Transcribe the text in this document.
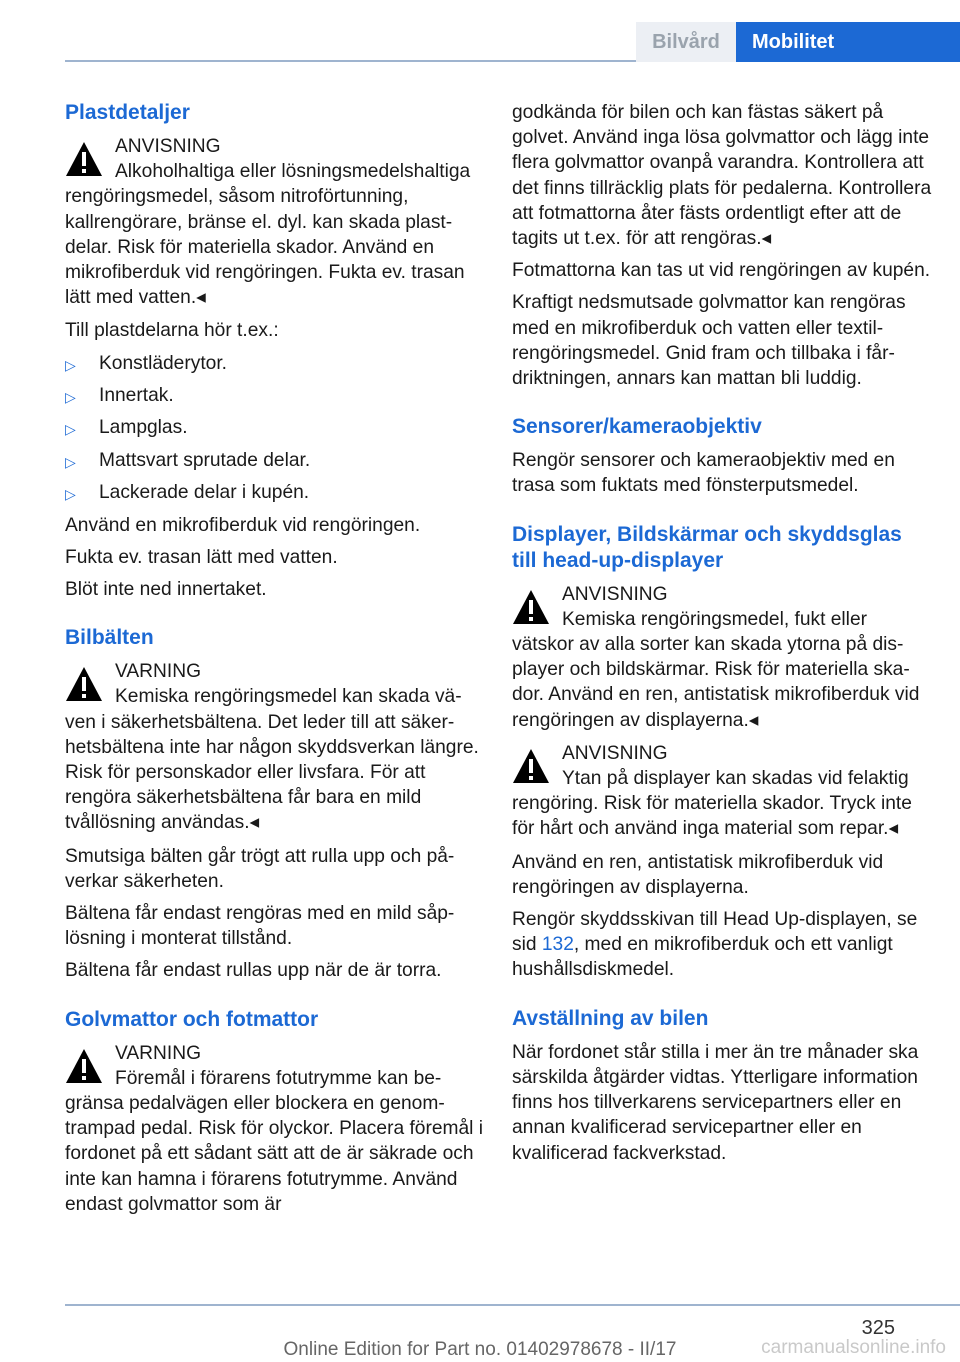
Bilvård	Mobilitet
Plastdetaljer
ANVISNING
Alkoholhaltiga eller lösningsmedelshaltiga rengöringsmedel, såsom nitroförtunning, kallrengörare, bränse el. dyl. kan skada plastdelar. Risk för materiella skador. Använd en mikrofiberduk vid rengöringen. Fukta ev. trasan lätt med vatten.◂

Till plastdelarna hör t.ex.:

▷ Konstläderytor.
▷ Innertak.
▷ Lampglas.
▷ Mattsvart sprutade delar.
▷ Lackerade delar i kupén.

Använd en mikrofiberduk vid rengöringen.

Fukta ev. trasan lätt med vatten.

Blöt inte ned innertaket.

Bilbälten
VARNING
Kemiska rengöringsmedel kan skada väven i säkerhetsbältena. Det leder till att säkerhetsbältena inte har någon skyddsverkan längre. Risk för personskador eller livsfara. För att rengöra säkerhetsbältena får bara en mild tvållösning användas.◂

Smutsiga bälten går trögt att rulla upp och påverkar säkerheten.

Bältena får endast rengöras med en mild såplösning i monterat tillstånd.

Bältena får endast rullas upp när de är torra.

Golvmattor och fotmattor
VARNING
Föremål i förarens fotutrymme kan begränsa pedalvägen eller blockera en genomtrampad pedal. Risk för olyckor. Placera föremål i fordonet på ett sådant sätt att de är säkrade och inte kan hamna i förarens fotutrymme. Använd endast golvmattor som är

godkända för bilen och kan fästas säkert på golvet. Använd inga lösa golvmattor och lägg inte flera golvmattor ovanpå varandra. Kontrollera att det finns tillräcklig plats för pedalerna. Kontrollera att fotmattorna åter fästs ordentligt efter att de tagits ut t.ex. för att rengöras.◂

Fotmattorna kan tas ut vid rengöringen av kupén.

Kraftigt nedsmutsade golvmattor kan rengöras med en mikrofiberduk och vatten eller textilrengöringsmedel. Gnid fram och tillbaka i fårdriktningen, annars kan mattan bli luddig.

Sensorer/kameraobjektiv

Rengör sensorer och kameraobjektiv med en trasa som fuktats med fönsterputsmedel.

Displayer, Bildskärmar och skyddsglas till head-up-displayer
ANVISNING
Kemiska rengöringsmedel, fukt eller vätskor av alla sorter kan skada ytorna på displayer och bildskärmar. Risk för materiella skador. Använd en ren, antistatisk mikrofiberduk vid rengöringen av displayerna.◂
ANVISNING
Ytan på displayer kan skadas vid felaktig rengöring. Risk för materiella skador. Tryck inte för hårt och använd inga material som repar.◂

Använd en ren, antistatisk mikrofiberduk vid rengöringen av displayerna.

Rengör skyddsskivan till Head Up-displayen, se sid 132, med en mikrofiberduk och ett vanligt hushållsdiskmedel.

Avställning av bilen

När fordonet står stilla i mer än tre månader ska särskilda åtgärder vidtas. Ytterligare information finns hos tillverkarens servicepartners eller en annan kvalificerad servicepartner eller en kvalificerad fackverkstad.

325
Online Edition for Part no. 01402978678 - II/17	carmanualsonline.info
